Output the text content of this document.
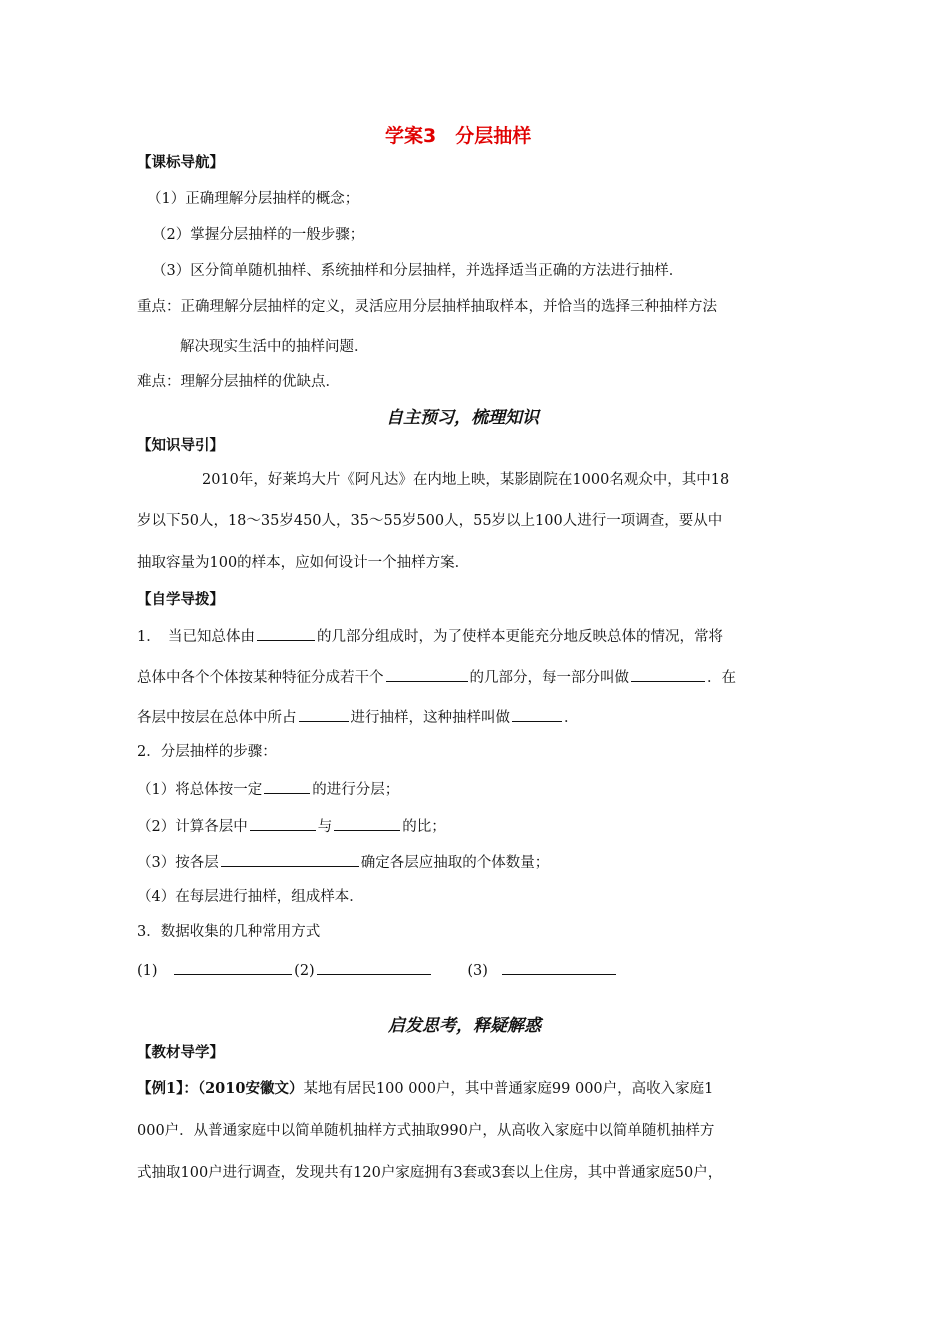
学案3　分层抽样
【课标导航】
（1）正确理解分层抽样的概念；
（2）掌握分层抽样的一般步骤；
（3）区分简单随机抽样、系统抽样和分层抽样，并选择适当正确的方法进行抽样．
重点：正确理解分层抽样的定义，灵活应用分层抽样抽取样本，并恰当的选择三种抽样方法
解决现实生活中的抽样问题．
难点：理解分层抽样的优缺点．
自主预习，梳理知识
【知识导引】
2010年，好莱坞大片《阿凡达》在内地上映，某影剧院在1000名观众中，其中18
岁以下50人，18～35岁450人，35～55岁500人，55岁以上100人进行一项调查，要从中
抽取容量为100的样本，应如何设计一个抽样方案．
【自学导拨】
1．　当已知总体由	的几部分组成时，为了使样本更能充分地反映总体的情况，常将
总体中各个个体按某种特征分成若干个	的几部分，每一部分叫做	．在
各层中按层在总体中所占	进行抽样，这种抽样叫做	．
2．分层抽样的步骤：
（1）将总体按一定	的进行分层；
（2）计算各层中	与	的比；
（3）按各层	确定各层应抽取的个体数量；
（4）在每层进行抽样，组成样本．
3．数据收集的几种常用方式
(1)	(2)	(3)
启发思考，释疑解惑
【教材导学】
【例1】：（2010安徽文）某地有居民100 000户，其中普通家庭99 000户，高收入家庭1
000户．从普通家庭中以简单随机抽样方式抽取990户，从高收入家庭中以简单随机抽样方
式抽取100户进行调查，发现共有120户家庭拥有3套或3套以上住房，其中普通家庭50户，
